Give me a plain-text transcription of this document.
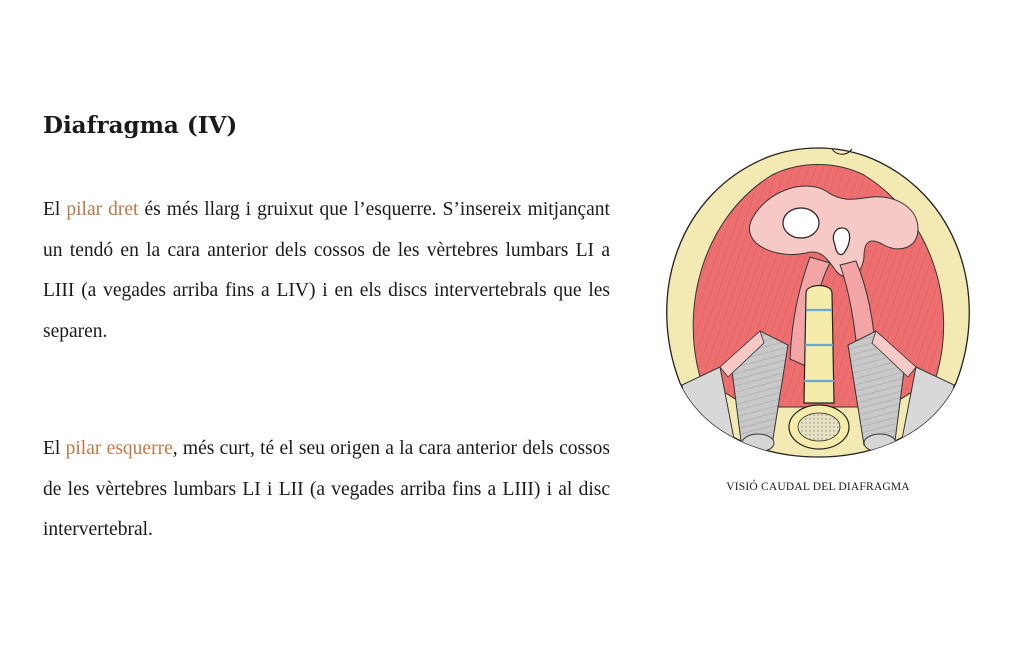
Diafragma (IV)

El pilar dret és més llarg i gruixut que l’esquerre. S’insereix mitjançant un tendó en la cara anterior dels cossos de les vèrtebres lumbars LI a LIII (a vegades arriba fins a LIV) i en els discs intervertebrals que les separen.

El pilar esquerre, més curt, té el seu origen a la cara anterior dels cossos de les vèrtebres lumbars LI i LII (a vegades arriba fins a LIII) i al disc intervertebral.

VISIÓ CAUDAL DEL DIAFRAGMA
